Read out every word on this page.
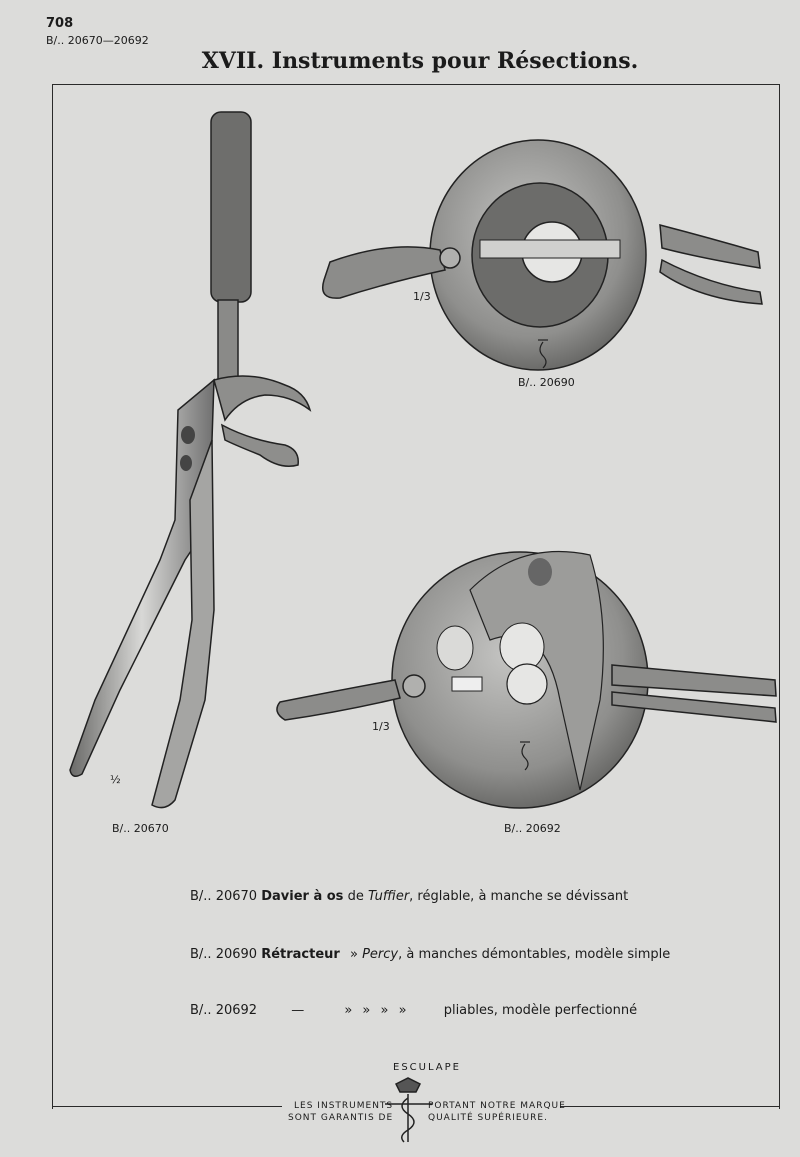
708
B/.. 20670—20692
XVII. Instruments pour Résections.
½
1/3
1/3
B/.. 20670
B/.. 20690
B/.. 20692
B/.. 20670 Davier à os de Tuffier, réglable, à manche se dévissant
B/.. 20690 Rétracteur » Percy, à manches démontables, modèle simple
B/.. 20692	—	» » » »	pliables, modèle perfectionné
ESCULAPE
LES INSTRUMENTS
SONT GARANTIS DE
PORTANT NOTRE MARQUE
QUALITÉ SUPÉRIEURE.
